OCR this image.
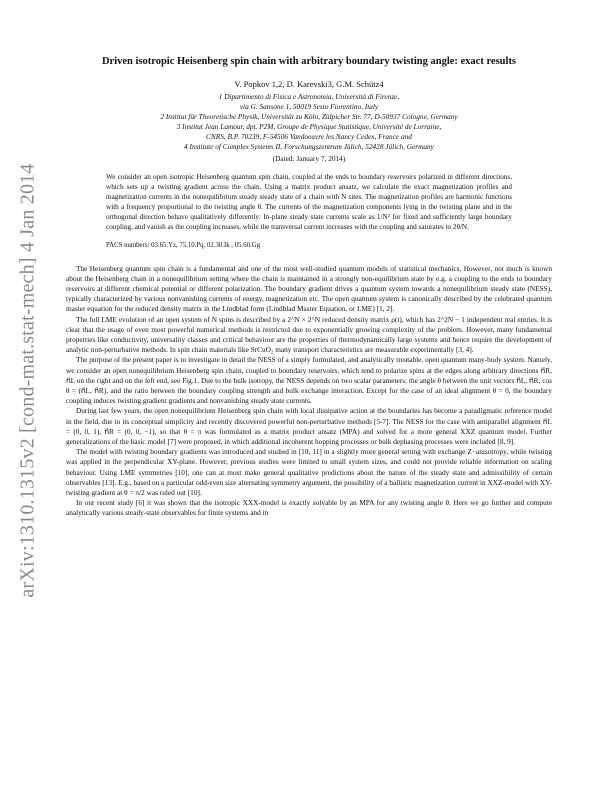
arXiv:1310.1315v2 [cond-mat.stat-mech] 4 Jan 2014
Driven isotropic Heisenberg spin chain with arbitrary boundary twisting angle: exact results
V. Popkov 1,2, D. Karevski3, G.M. Schütz4
1 Dipartimento di Fisica e Astronomia, Università di Firenze,
via G. Sansone 1, 50019 Sesto Fiorentino, Italy
2 Institut für Theoretische Physik, Universität zu Köln, Zülpicher Str. 77, D-50937 Cologne, Germany
3 Institut Jean Lamour, dpt. P2M, Groupe de Physique Statistique, Université de Lorraine,
CNRS, B.P. 70239, F-54506 Vandoeuvre les Nancy Cedex, France and
4 Institute of Complex Systems II, Forschungszentrum Jülich, 52428 Jülich, Germany
(Dated: January 7, 2014)
We consider an open isotropic Heisenberg quantum spin chain, coupled at the ends to boundary reservoirs polarized in different directions, which sets up a twisting gradient across the chain. Using a matrix product ansatz, we calculate the exact magnetization profiles and magnetization currents in the nonequilibrium steady steady state of a chain with N sites. The magnetization profiles are harmonic functions with a frequency proportional to the twisting angle θ. The currents of the magnetization components lying in the twisting plane and in the orthogonal direction behave qualitatively differently: In-plane steady state currents scale as 1/N² for fixed and sufficiently large boundary coupling, and vanish as the coupling increases, while the transversal current increases with the coupling and saturates to 2θ/N.
PACS numbers: 03.65.Yz, 75.10.Pq, 02.30.Ik , 05.60.Gg

The Heisenberg quantum spin chain is a fundamental and one of the most well-studied quantum models of statistical mechanics. However, not much is known about the Heisenberg chain in a nonequilibrium setting where the chain is maintained in a strongly non-equilibrium state by e.g. a coupling to the ends to boundary reservoirs at different chemical potential or different polarization. The boundary gradient drives a quantum system towards a nonequilibrium steady state (NESS), typically characterized by various nonvanishing currents of energy, magnetization etc. The open quantum system is canonically described by the celebrated quantum master equation for the reduced density matrix in the Lindblad form (Lindblad Master Equation, or LME) [1, 2].

The full LME evolution of an open system of N spins is described by a 2^N × 2^N reduced density matrix ρ(t), which has 2^2N − 1 independent real entries. It is clear that the usage of even most powerful numerical methods is restricted due to exponentially growing complexity of the problem. However, many fundamental properties like conductivity, universality classes and critical behaviour are the properties of thermodynamically large systems and hence require the development of analytic non-perturbative methods. In spin chain materials like SrCuO₂ many transport characteristics are measurable experimentally [3, 4].

The purpose of the present paper is to investigate in detail the NESS of a simply formulated, and analytically treatable, open quantum many-body system. Namely, we consider an open nonequilibrium Heisenberg spin chain, coupled to boundary reservoirs, which tend to polarize spins at the edges along arbitrary directions n⃗R, n⃗L on the right and on the left end, see Fig.1. Due to the bulk isotropy, the NESS depends on two scalar parameters: the angle θ between the unit vectors n⃗L, n⃗R, cos θ = (n⃗L, n⃗R), and the ratio between the boundary coupling strength and bulk exchange interaction. Except for the case of an ideal alignment θ = 0, the boundary coupling induces twisting gradient gradients and nonvanishing steady state currents.

During last few years, the open nonequilibrium Heisenberg spin chain with local dissipative action at the boundaries has become a paradigmatic reference model in the field, due to its conceptual simplicity and recently discovered powerful non-perturbative methods [5-7]. The NESS for the case with antiparallel alignment n⃗L = (0, 0, 1), n⃗R = (0, 0, −1), so that θ = π was formulated as a matrix product ansatz (MPA) and solved for a more general XXZ quantum model. Further generalizations of the basic model [7] were proposed, in which additional incoherent hopping processes or bulk dephasing processes were included [8, 9].

The model with twisting boundary gradients was introduced and studied in [10, 11] in a slightly more general setting with exchange Z−anisotropy, while twisting was applied in the perpendicular XY-plane. However, previous studies were limited to small system sizes, and could not provide reliable information on scaling behaviour. Using LME symmetries [10], one can at most make general qualitative predictions about the nature of the steady state and admissibility of certain observables [13]. E.g., based on a particular odd-even size alternating symmetry argument, the possibility of a ballistic magnetization current in XXZ-model with XY-twisting gradient at θ = π/2 was ruled out [10].

In our recent study [6] it was shown that the isotropic XXX-model is exactly solvable by an MPA for any twisting angle θ. Here we go further and compute analytically various steady-state observables for finite systems and in
